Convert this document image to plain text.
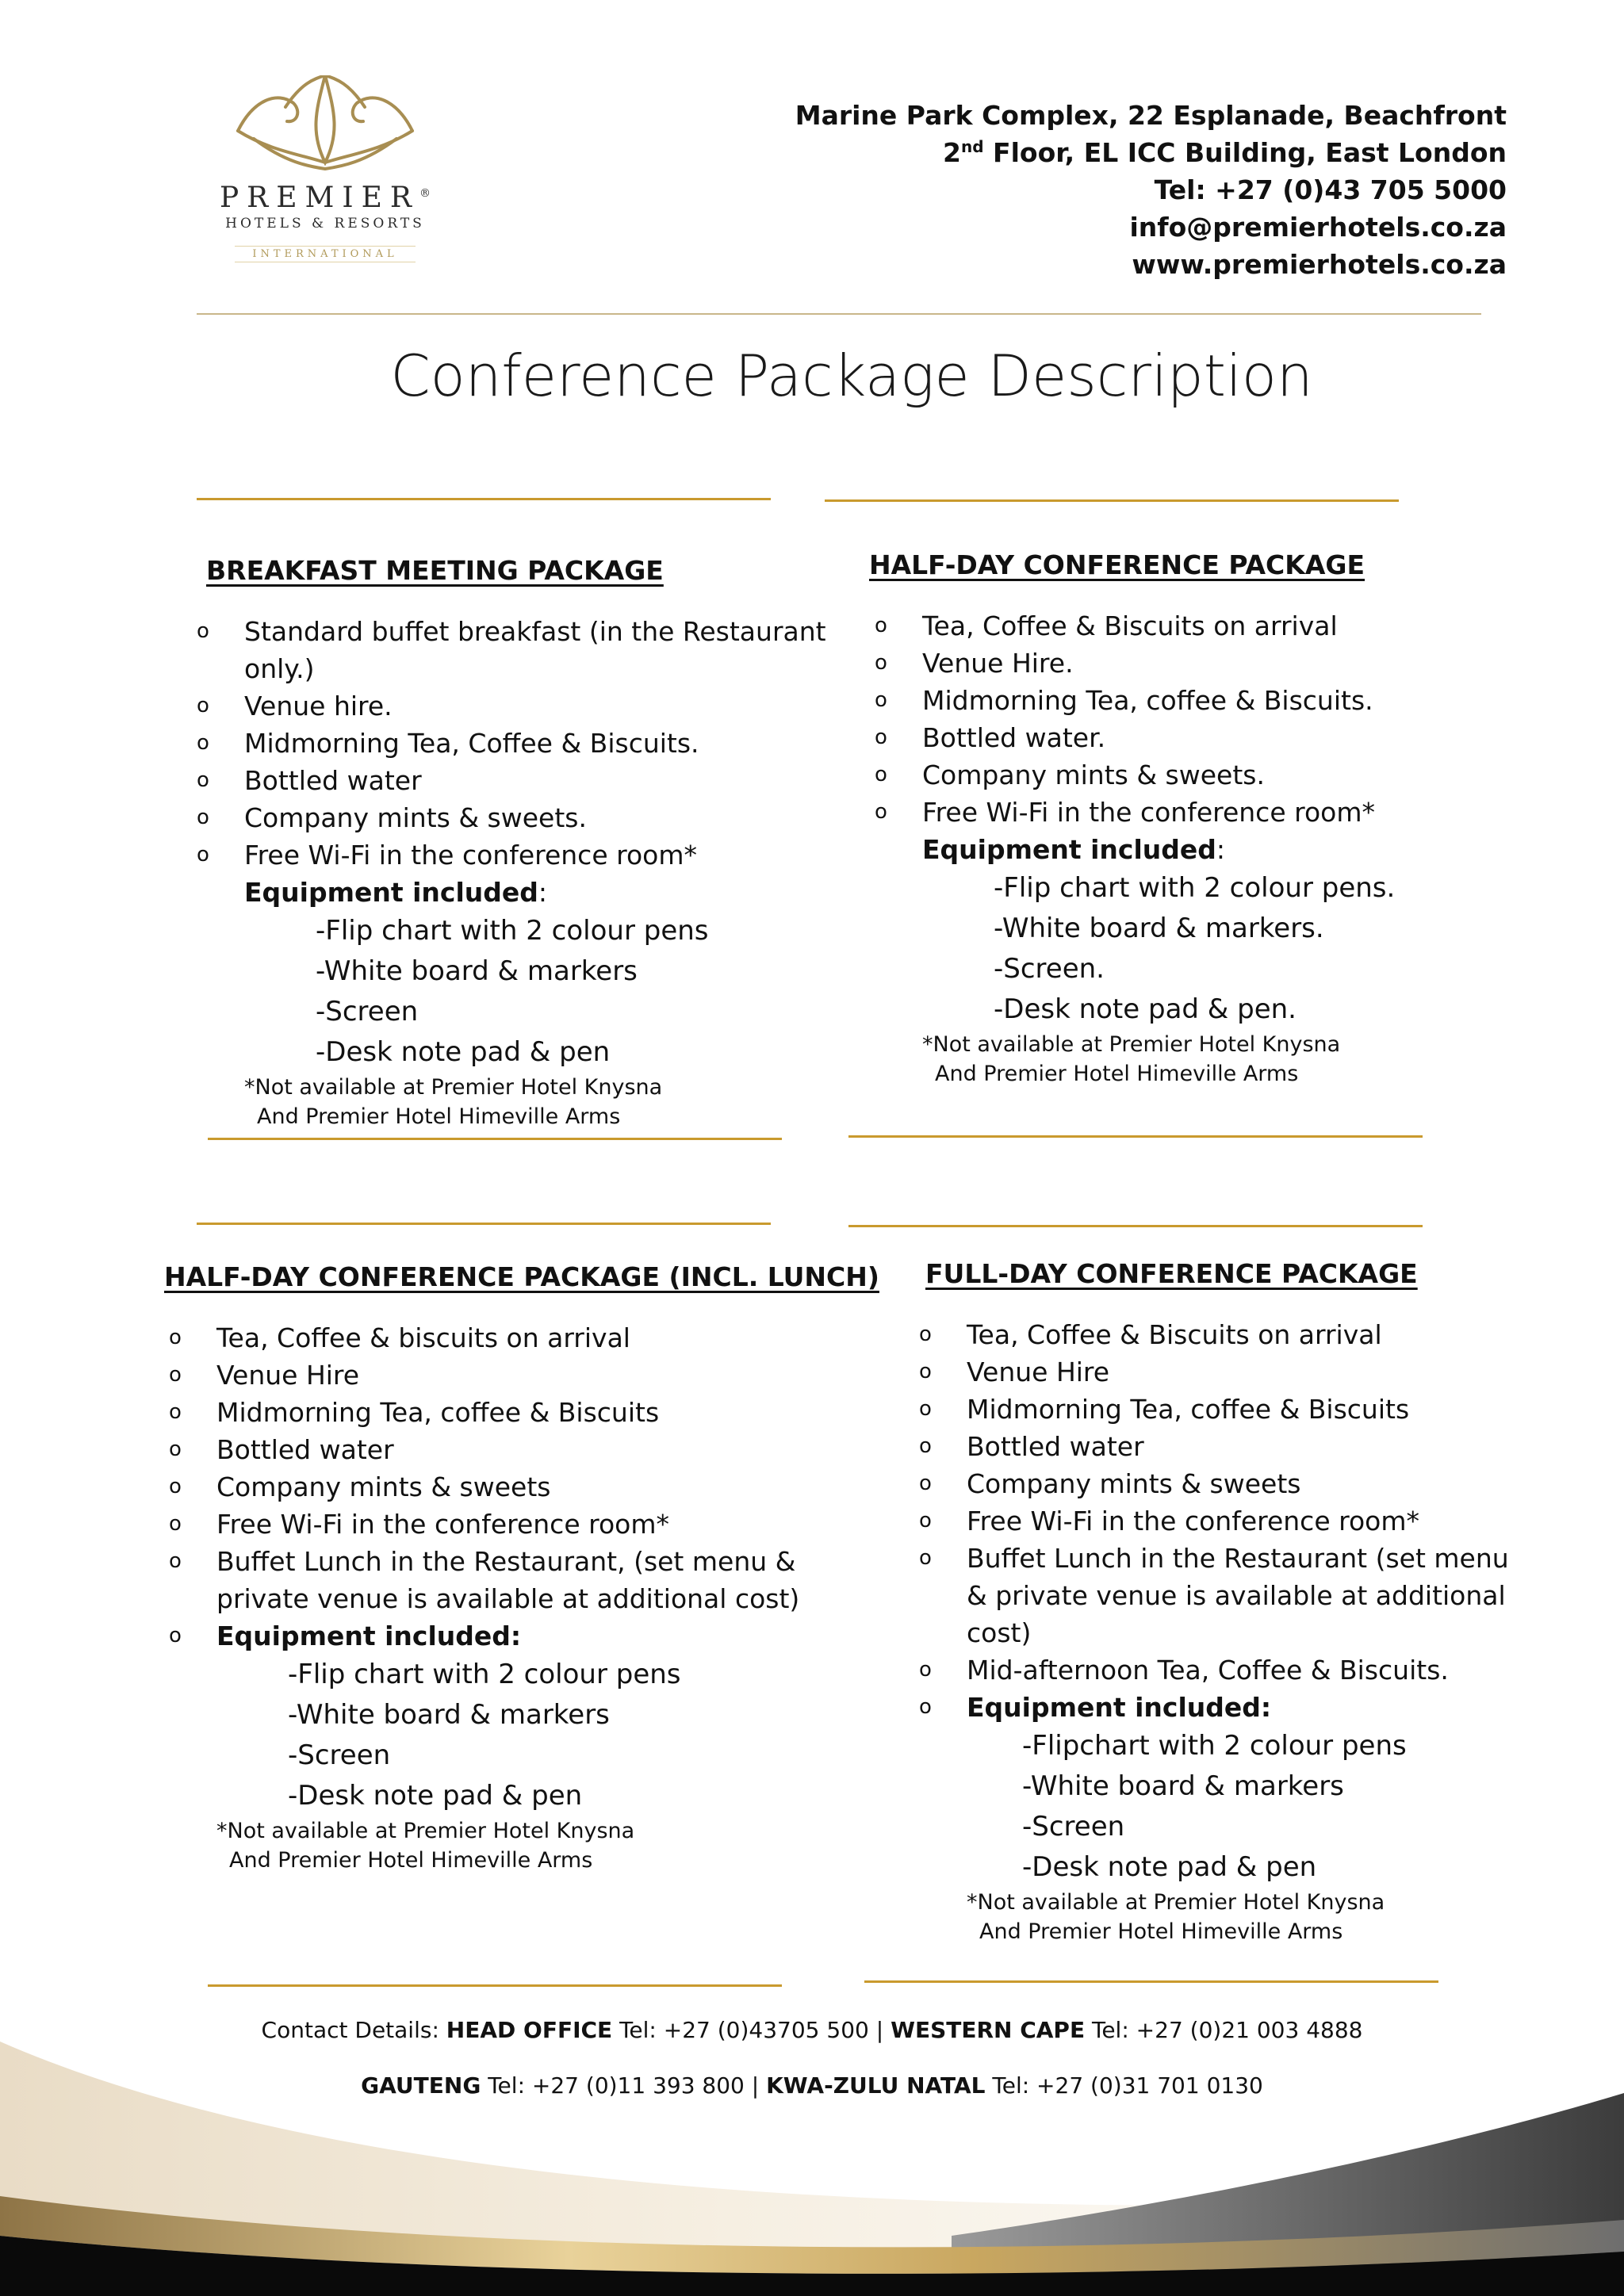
PREMIER®
HOTELS & RESORTS
INTERNATIONAL
Marine Park Complex, 22 Esplanade, Beachfront
2nd Floor, EL ICC Building, East London
Tel: +27 (0)43 705 5000
info@premierhotels.co.za
www.premierhotels.co.za
Conference Package Description
BREAKFAST MEETING PACKAGE
o Standard buffet breakfast (in the Restaurant only.)
o Venue hire.
o Midmorning Tea, Coffee & Biscuits.
o Bottled water
o Company mints & sweets.
o Free Wi-Fi in the conference room*
Equipment included:
-Flip chart with 2 colour pens
-White board & markers
-Screen
-Desk note pad & pen
*Not available at Premier Hotel Knysna
And Premier Hotel Himeville Arms
HALF-DAY CONFERENCE PACKAGE
o Tea, Coffee & Biscuits on arrival
o Venue Hire.
o Midmorning Tea, coffee & Biscuits.
o Bottled water.
o Company mints & sweets.
o Free Wi-Fi in the conference room*
Equipment included:
-Flip chart with 2 colour pens.
-White board & markers.
-Screen.
-Desk note pad & pen.
*Not available at Premier Hotel Knysna
And Premier Hotel Himeville Arms
HALF-DAY CONFERENCE PACKAGE (INCL. LUNCH)
o Tea, Coffee & biscuits on arrival
o Venue Hire
o Midmorning Tea, coffee & Biscuits
o Bottled water
o Company mints & sweets
o Free Wi-Fi in the conference room*
o Buffet Lunch in the Restaurant, (set menu & private venue is available at additional cost)
o Equipment included:
-Flip chart with 2 colour pens
-White board & markers
-Screen
-Desk note pad & pen
*Not available at Premier Hotel Knysna
And Premier Hotel Himeville Arms
FULL-DAY CONFERENCE PACKAGE
o Tea, Coffee & Biscuits on arrival
o Venue Hire
o Midmorning Tea, coffee & Biscuits
o Bottled water
o Company mints & sweets
o Free Wi-Fi in the conference room*
o Buffet Lunch in the Restaurant (set menu & private venue is available at additional cost)
o Mid-afternoon Tea, Coffee & Biscuits.
o Equipment included:
-Flipchart with 2 colour pens
-White board & markers
-Screen
-Desk note pad & pen
*Not available at Premier Hotel Knysna
And Premier Hotel Himeville Arms
Contact Details: HEAD OFFICE Tel: +27 (0)43705 500 | WESTERN CAPE Tel: +27 (0)21 003 4888
GAUTENG Tel: +27 (0)11 393 800 | KWA-ZULU NATAL Tel: +27 (0)31 701 0130
